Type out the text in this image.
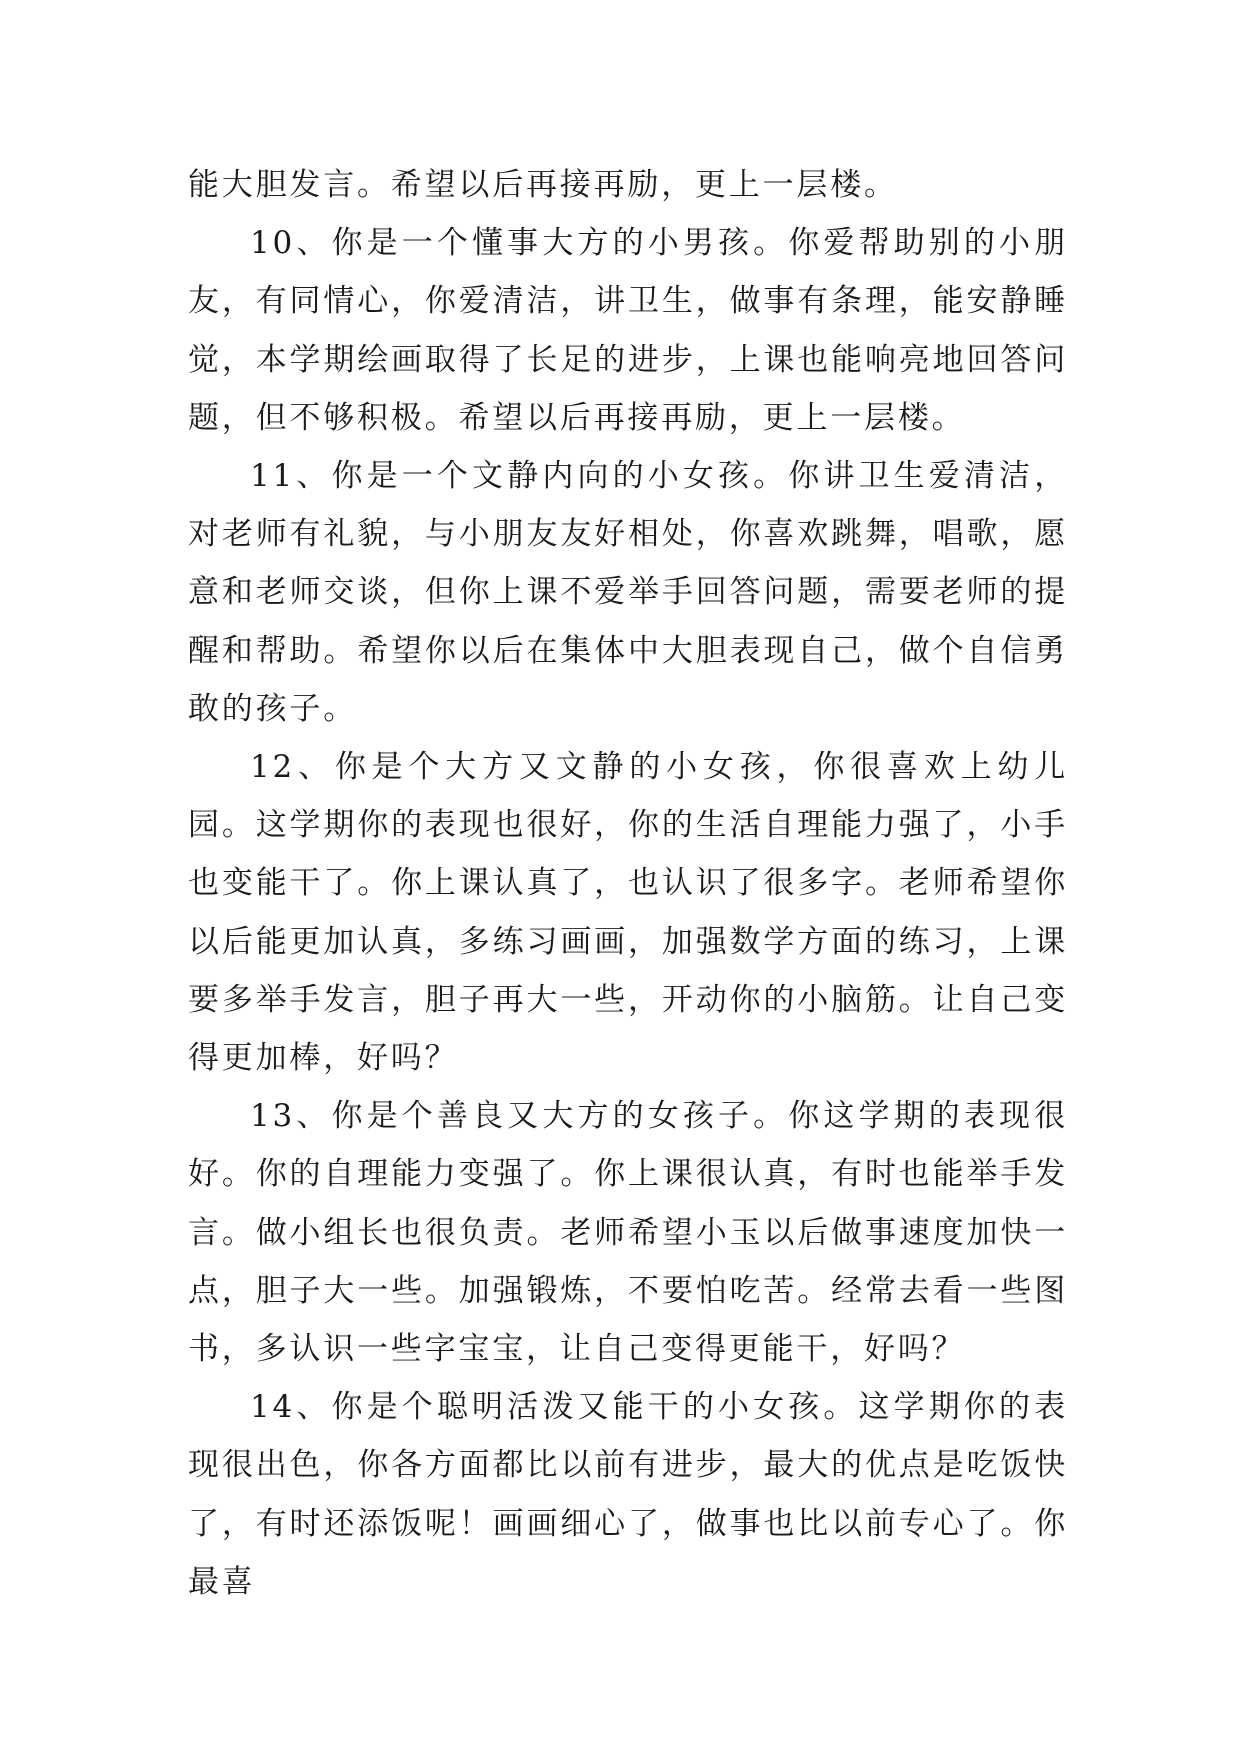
能大胆发言。希望以后再接再励，更上一层楼。

10、你是一个懂事大方的小男孩。你爱帮助别的小朋友，有同情心，你爱清洁，讲卫生，做事有条理，能安静睡觉，本学期绘画取得了长足的进步，上课也能响亮地回答问题，但不够积极。希望以后再接再励，更上一层楼。

11、你是一个文静内向的小女孩。你讲卫生爱清洁，对老师有礼貌，与小朋友友好相处，你喜欢跳舞，唱歌，愿意和老师交谈，但你上课不爱举手回答问题，需要老师的提醒和帮助。希望你以后在集体中大胆表现自己，做个自信勇敢的孩子。

12、你是个大方又文静的小女孩，你很喜欢上幼儿园。这学期你的表现也很好，你的生活自理能力强了，小手也变能干了。你上课认真了，也认识了很多字。老师希望你以后能更加认真，多练习画画，加强数学方面的练习，上课要多举手发言，胆子再大一些，开动你的小脑筋。让自己变得更加棒，好吗？

13、你是个善良又大方的女孩子。你这学期的表现很好。你的自理能力变强了。你上课很认真，有时也能举手发言。做小组长也很负责。老师希望小玉以后做事速度加快一点，胆子大一些。加强锻炼，不要怕吃苦。经常去看一些图书，多认识一些字宝宝，让自己变得更能干，好吗？

14、你是个聪明活泼又能干的小女孩。这学期你的表现很出色，你各方面都比以前有进步，最大的优点是吃饭快了，有时还添饭呢！画画细心了，做事也比以前专心了。你最喜
